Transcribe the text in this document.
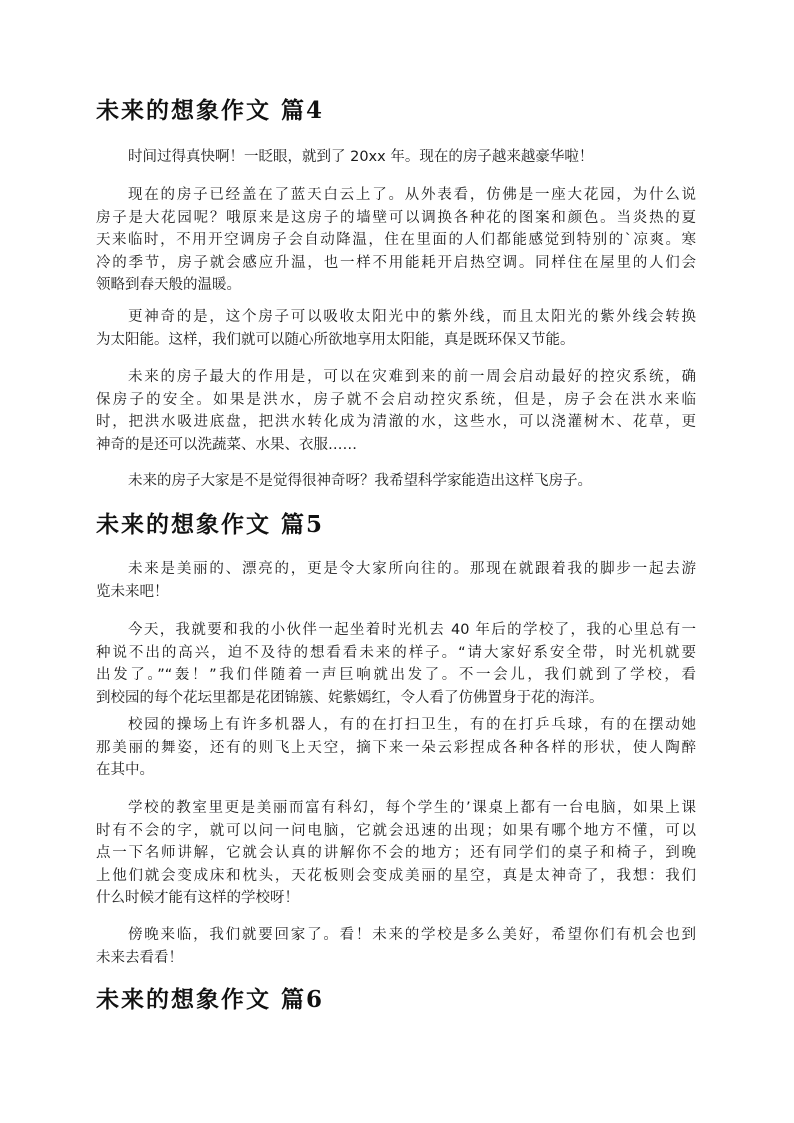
未来的想象作文 篇4
时间过得真快啊！一眨眼，就到了 20xx 年。现在的房子越来越豪华啦！
现在的房子已经盖在了蓝天白云上了。从外表看，仿佛是一座大花园，为什么说
房子是大花园呢？哦原来是这房子的墙壁可以调换各种花的图案和颜色。当炎热的夏
天来临时，不用开空调房子会自动降温，住在里面的人们都能感觉到特别的`凉爽。寒
冷的季节，房子就会感应升温，也一样不用能耗开启热空调。同样住在屋里的人们会
领略到春天般的温暖。
更神奇的是，这个房子可以吸收太阳光中的紫外线，而且太阳光的紫外线会转换
为太阳能。这样，我们就可以随心所欲地享用太阳能，真是既环保又节能。
未来的房子最大的作用是，可以在灾难到来的前一周会启动最好的控灾系统，确
保房子的安全。如果是洪水，房子就不会启动控灾系统，但是，房子会在洪水来临
时，把洪水吸进底盘，把洪水转化成为清澈的水，这些水，可以浇灌树木、花草，更
神奇的是还可以洗蔬菜、水果、衣服……
未来的房子大家是不是觉得很神奇呀？我希望科学家能造出这样飞房子。
未来的想象作文 篇5
未来是美丽的、漂亮的，更是令大家所向往的。那现在就跟着我的脚步一起去游
览未来吧！
今天，我就要和我的小伙伴一起坐着时光机去 40 年后的学校了，我的心里总有一
种说不出的高兴，迫不及待的想看看未来的样子。“请大家好系安全带，时光机就要
出发了。”“轰！”我们伴随着一声巨响就出发了。不一会儿，我们就到了学校，看
到校园的每个花坛里都是花团锦簇、姹紫嫣红，令人看了仿佛置身于花的海洋。
校园的操场上有许多机器人，有的在打扫卫生，有的在打乒乓球，有的在摆动她
那美丽的舞姿，还有的则飞上天空，摘下来一朵云彩捏成各种各样的形状，使人陶醉
在其中。
学校的教室里更是美丽而富有科幻，每个学生的’课桌上都有一台电脑，如果上课
时有不会的字，就可以问一问电脑，它就会迅速的出现；如果有哪个地方不懂，可以
点一下名师讲解，它就会认真的讲解你不会的地方；还有同学们的桌子和椅子，到晚
上他们就会变成床和枕头，天花板则会变成美丽的星空，真是太神奇了，我想：我们
什么时候才能有这样的学校呀！
傍晚来临，我们就要回家了。看！未来的学校是多么美好，希望你们有机会也到
未来去看看！
未来的想象作文 篇6
